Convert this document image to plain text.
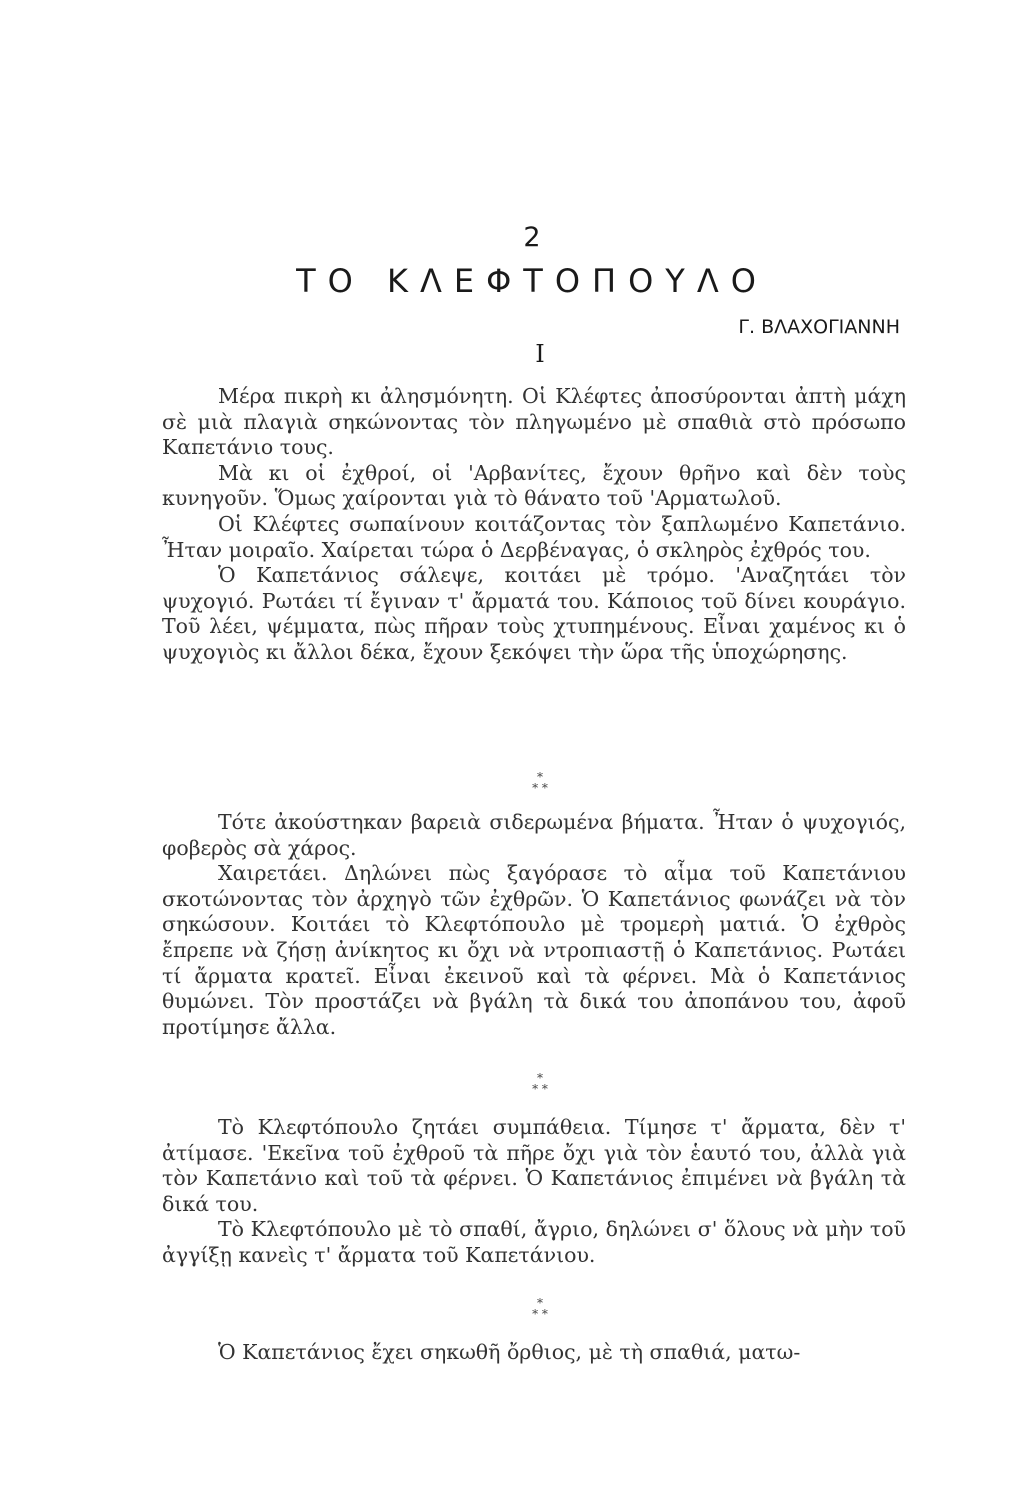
2
ΤΟ ΚΛΕΦΤΟΠΟΥΛΟ
Γ. ΒΛΑΧΟΓΙΑΝΝΗ
I

Μέρα πικρὴ κι ἀλησμόνητη. Οἱ Κλέφτες ἀποσύρονται ἀπτὴ μάχη σὲ μιὰ πλαγιὰ σηκώνοντας τὸν πληγωμένο μὲ σπαθιὰ στὸ πρόσωπο Καπετάνιο τους.

Μὰ κι οἱ ἐχθροί, οἱ 'Αρβανίτες, ἔχουν θρῆνο καὶ δὲν τοὺς κυνηγοῦν. Ὅμως χαίρονται γιὰ τὸ θάνατο τοῦ 'Αρματωλοῦ.

Οἱ Κλέφτες σωπαίνουν κοιτάζοντας τὸν ξαπλωμένο Καπετάνιο. Ἦταν μοιραῖο. Χαίρεται τώρα ὁ Δερβέναγας, ὁ σκληρὸς ἐχθρός του.

Ὁ Καπετάνιος σάλεψε, κοιτάει μὲ τρόμο. 'Αναζητάει τὸν ψυχογιό. Ρωτάει τί ἔγιναν τ' ἄρματά του. Κάποιος τοῦ δίνει κουράγιο. Τοῦ λέει, ψέμματα, πὼς πῆραν τοὺς χτυπημένους. Εἶναι χαμένος κι ὁ ψυχογιὸς κι ἄλλοι δέκα, ἔχουν ξεκόψει τὴν ὥρα τῆς ὑποχώρησης.

*
* *

Τότε ἀκούστηκαν βαρειὰ σιδερωμένα βήματα. Ἦταν ὁ ψυχογιός, φοβερὸς σὰ χάρος.

Χαιρετάει. Δηλώνει πὼς ξαγόρασε τὸ αἷμα τοῦ Καπετάνιου σκοτώνοντας τὸν ἀρχηγὸ τῶν ἐχθρῶν. Ὁ Καπετάνιος φωνάζει νὰ τὸν σηκώσουν. Κοιτάει τὸ Κλεφτόπουλο μὲ τρομερὴ ματιά. Ὁ ἐχθρὸς ἔπρεπε νὰ ζήσῃ ἀνίκητος κι ὄχι νὰ ντροπιαστῇ ὁ Καπετάνιος. Ρωτάει τί ἄρματα κρατεῖ. Εἶναι ἐκεινοῦ καὶ τὰ φέρνει. Μὰ ὁ Καπετάνιος θυμώνει. Τὸν προστάζει νὰ βγάλη τὰ δικά του ἀποπάνου του, ἀφοῦ προτίμησε ἄλλα.

*
* *

Τὸ Κλεφτόπουλο ζητάει συμπάθεια. Τίμησε τ' ἄρματα, δὲν τ' ἀτίμασε. 'Εκεῖνα τοῦ ἐχθροῦ τὰ πῆρε ὄχι γιὰ τὸν ἑαυτό του, ἀλλὰ γιὰ τὸν Καπετάνιο καὶ τοῦ τὰ φέρνει. Ὁ Καπετάνιος ἐπιμένει νὰ βγάλη τὰ δικά του.

Τὸ Κλεφτόπουλο μὲ τὸ σπαθί, ἄγριο, δηλώνει σ' ὅλους νὰ μὴν τοῦ ἀγγίξῃ κανεὶς τ' ἄρματα τοῦ Καπετάνιου.

*
* *

Ὁ Καπετάνιος ἔχει σηκωθῆ ὄρθιος, μὲ τὴ σπαθιά, ματω-
